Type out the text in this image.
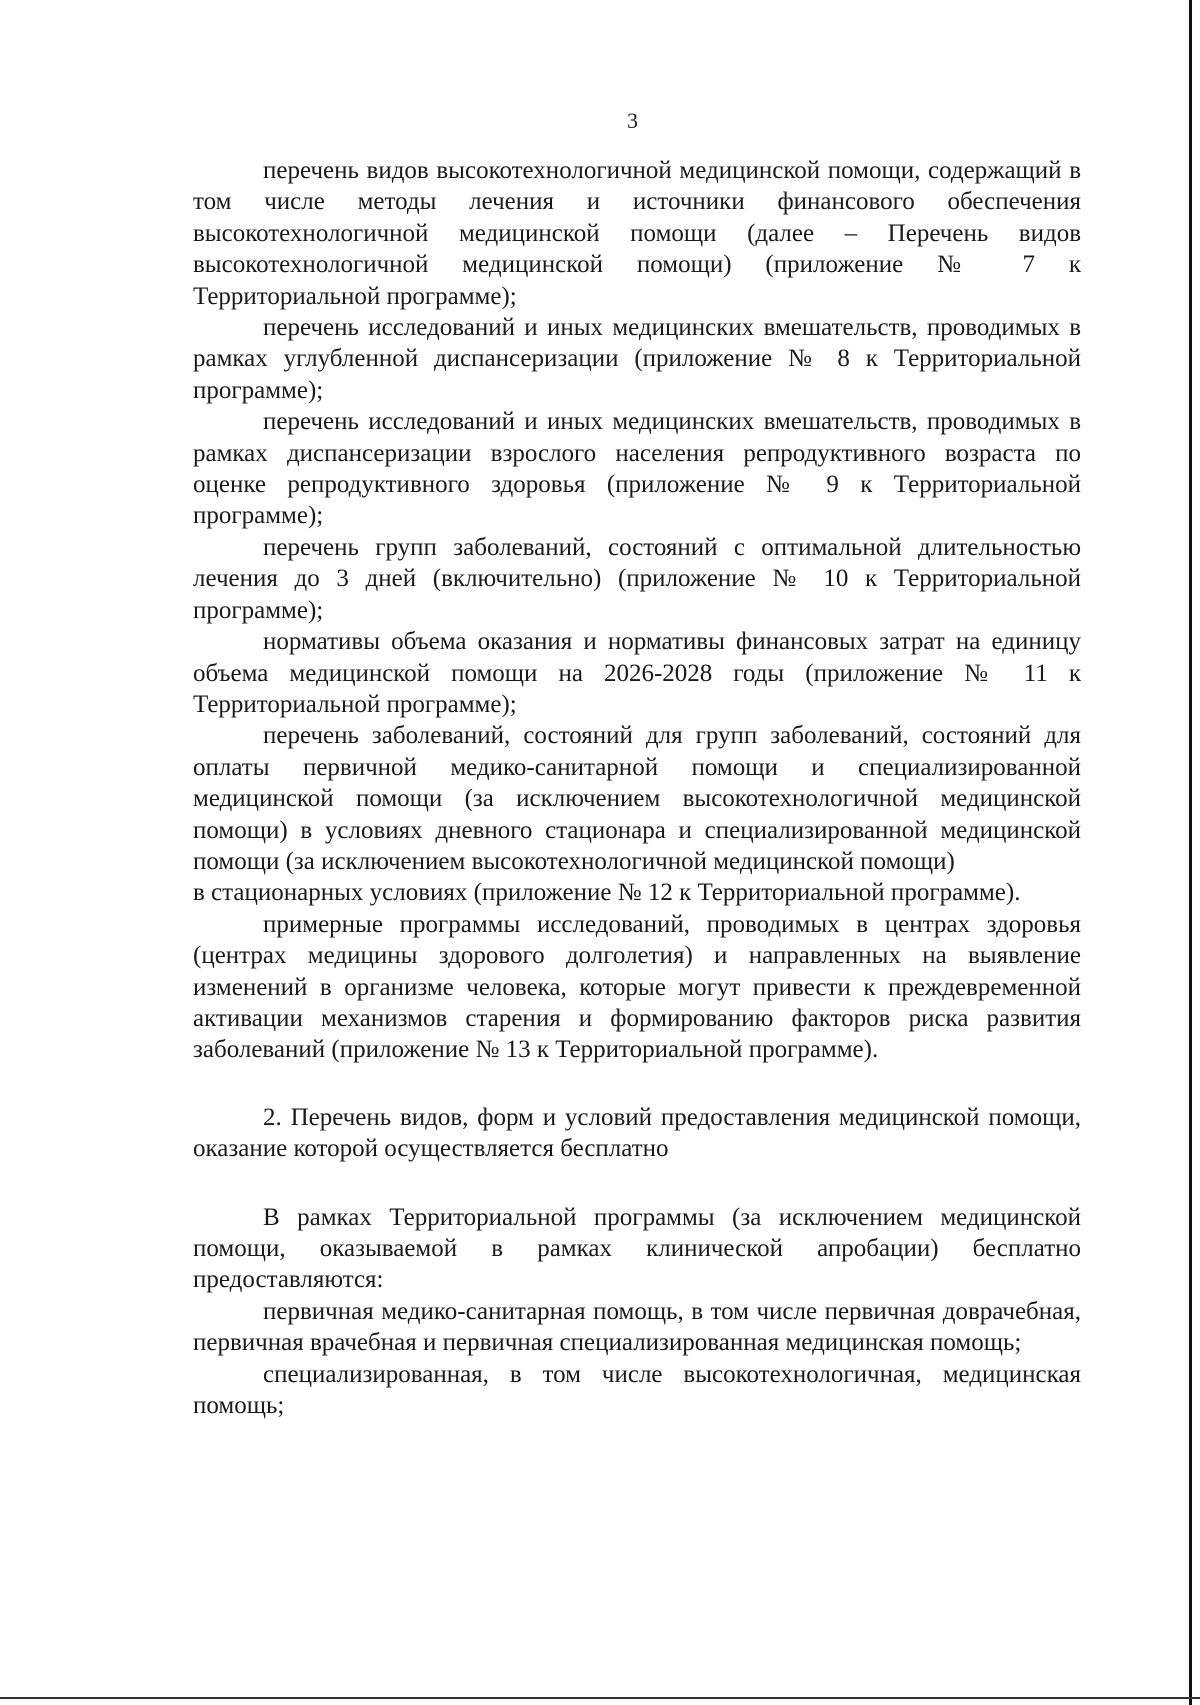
3

перечень видов высокотехнологичной медицинской помощи, содержащий в том числе методы лечения и источники финансового обеспечения высокотехнологичной медицинской помощи (далее – Перечень видов высокотехнологичной медицинской помощи) (приложение № 7 к Территориальной программе);

перечень исследований и иных медицинских вмешательств, проводимых в рамках углубленной диспансеризации (приложение № 8 к Территориальной программе);

перечень исследований и иных медицинских вмешательств, проводимых в рамках диспансеризации взрослого населения репродуктивного возраста по оценке репродуктивного здоровья (приложение № 9 к Территориальной программе);

перечень групп заболеваний, состояний с оптимальной длительностью лечения до 3 дней (включительно) (приложение № 10 к Территориальной программе);

нормативы объема оказания и нормативы финансовых затрат на единицу объема медицинской помощи на 2026-2028 годы (приложение № 11 к Территориальной программе);

перечень заболеваний, состояний для групп заболеваний, состояний для оплаты первичной медико-санитарной помощи и специализированной медицинской помощи (за исключением высокотехнологичной медицинской помощи) в условиях дневного стационара и специализированной медицинской помощи (за исключением высокотехнологичной медицинской помощи)

в стационарных условиях (приложение № 12 к Территориальной программе).

примерные программы исследований, проводимых в центрах здоровья (центрах медицины здорового долголетия) и направленных на выявление изменений в организме человека, которые могут привести к преждевременной активации механизмов старения и формированию факторов риска развития заболеваний (приложение № 13 к Территориальной программе).

2. Перечень видов, форм и условий предоставления медицинской помощи, оказание которой осуществляется бесплатно

В рамках Территориальной программы (за исключением медицинской помощи, оказываемой в рамках клинической апробации) бесплатно предоставляются:

первичная медико-санитарная помощь, в том числе первичная доврачебная, первичная врачебная и первичная специализированная медицинская помощь;

специализированная, в том числе высокотехнологичная, медицинская помощь;
